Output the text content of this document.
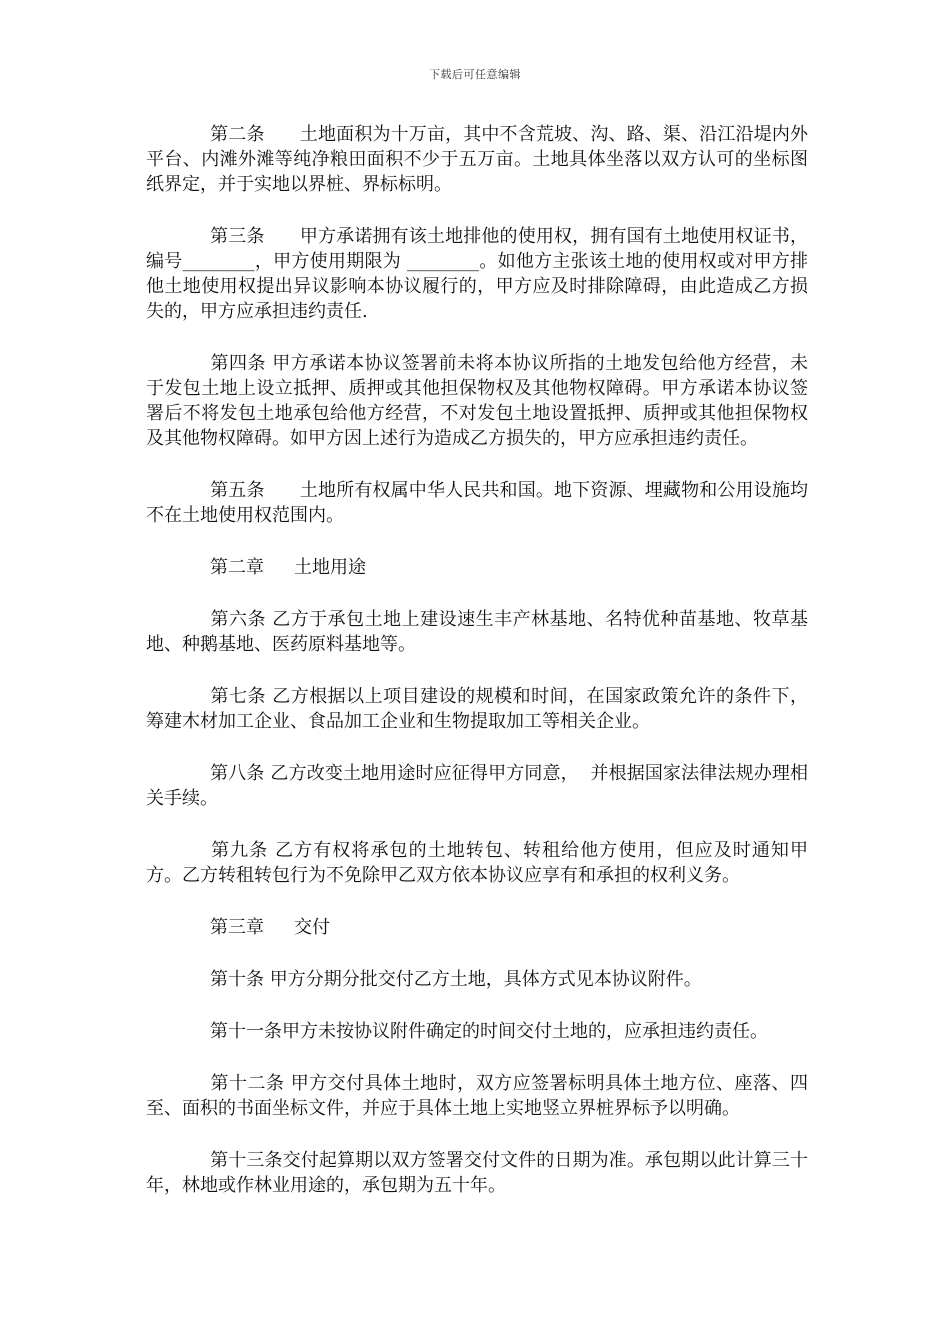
下载后可任意编辑

第二条 土地面积为十万亩，其中不含荒坡、沟、路、渠、沿江沿堤内外平台、内滩外滩等纯净粮田面积不少于五万亩。土地具体坐落以双方认可的坐标图纸界定，并于实地以界桩、界标标明。

第三条 甲方承诺拥有该土地排他的使用权，拥有国有土地使用权证书，编号________，甲方使用期限为 ________。如他方主张该土地的使用权或对甲方排他土地使用权提出异议影响本协议履行的，甲方应及时排除障碍，由此造成乙方损失的，甲方应承担违约责任.

第四条 甲方承诺本协议签署前未将本协议所指的土地发包给他方经营，未于发包土地上设立抵押、质押或其他担保物权及其他物权障碍。甲方承诺本协议签署后不将发包土地承包给他方经营，不对发包土地设置抵押、质押或其他担保物权及其他物权障碍。如甲方因上述行为造成乙方损失的，甲方应承担违约责任。

第五条 土地所有权属中华人民共和国。地下资源、埋藏物和公用设施均不在土地使用权范围内。

第二章 土地用途

第六条 乙方于承包土地上建设速生丰产林基地、名特优种苗基地、牧草基地、种鹅基地、医药原料基地等。

第七条 乙方根据以上项目建设的规模和时间，在国家政策允许的条件下，筹建木材加工企业、食品加工企业和生物提取加工等相关企业。

第八条 乙方改变土地用途时应征得甲方同意，  并根据国家法律法规办理相关手续。

第九条 乙方有权将承包的土地转包、转租给他方使用，但应及时通知甲方。乙方转租转包行为不免除甲乙双方依本协议应享有和承担的权利义务。

第三章 交付

第十条 甲方分期分批交付乙方土地，具体方式见本协议附件。

第十一条甲方未按协议附件确定的时间交付土地的，应承担违约责任。

第十二条 甲方交付具体土地时，双方应签署标明具体土地方位、座落、四至、面积的书面坐标文件，并应于具体土地上实地竖立界桩界标予以明确。

第十三条交付起算期以双方签署交付文件的日期为准。承包期以此计算三十年，林地或作林业用途的，承包期为五十年。
